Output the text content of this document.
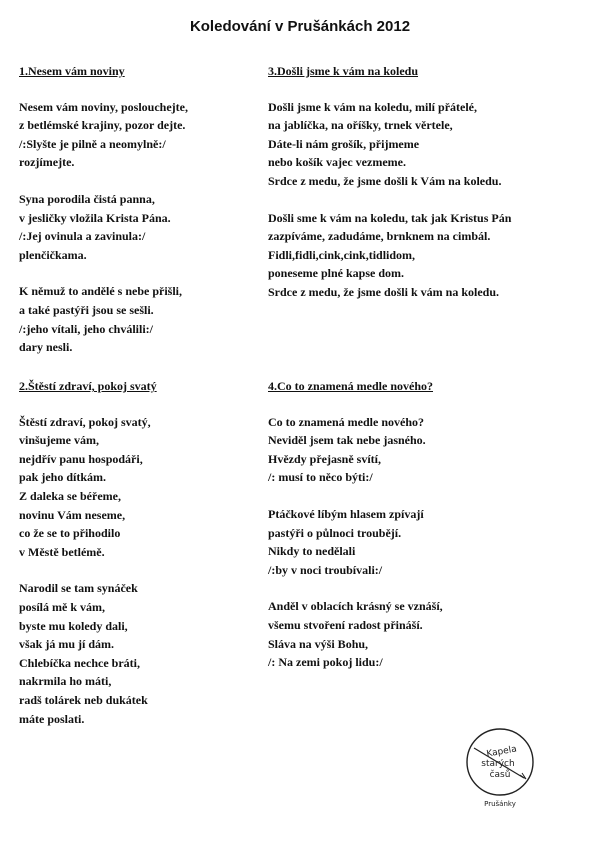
Koledování v Prušánkách 2012
1.Nesem vám noviny
Nesem vám noviny, poslouchejte,
z betlémské krajiny, pozor dejte.
/:Slyšte je pilně a neomylně:/
rozjímejte.
Syna porodila čistá panna,
v jesličky vložila Krista Pána.
/:Jej ovinula a zavinula:/
plenčičkama.
K němuž to andělé s nebe přišli,
a také pastýři jsou se sešli.
/:jeho vítali, jeho chválili:/
dary nesli.
2.Štěstí zdraví, pokoj svatý
Štěstí zdraví, pokoj svatý,
vinšujeme vám,
nejdřív panu hospodáři,
pak jeho dítkám.
Z daleka se béřeme,
novinu Vám neseme,
co že se to přihodilo
v Městě betlémě.
Narodil se tam synáček
posílá mě k vám,
byste mu koledy dali,
však já mu jí dám.
Chlebíčka nechce bráti,
nakrmila ho máti,
radš tolárek neb dukátek
máte poslati.
3.Došli jsme k vám na koledu
Došli jsme k vám na koledu, milí přátelé,
na jablíčka, na oříšky, trnek věrtele,
Dáte-li nám grošík, přijmeme
nebo košík vajec vezmeme.
Srdce z medu, že jsme došli k Vám na koledu.
Došli sme k vám na koledu, tak jak Kristus Pán
zazpíváme, zadudáme, brnknem na cimbál.
Fidli,fidli,cink,cink,tidlidom,
poneseme plné kapse dom.
Srdce z medu, že jsme došli k vám na koledu.
4.Co to znamená medle nového?
Co to znamená medle nového?
Neviděl jsem tak nebe jasného.
Hvězdy přejasně svítí,
/: musí to něco býti:/
Ptáčkové líbým hlasem zpívají
pastýři o půlnoci troubějí.
Nikdy to nedělali
/:by v noci troubívali:/
Anděl v oblacích krásný se vznáší,
všemu stvoření radost přináší.
Sláva na výši Bohu,
/: Na zemi pokoj lidu:/
Kapela
starých
časů
Prušánky
